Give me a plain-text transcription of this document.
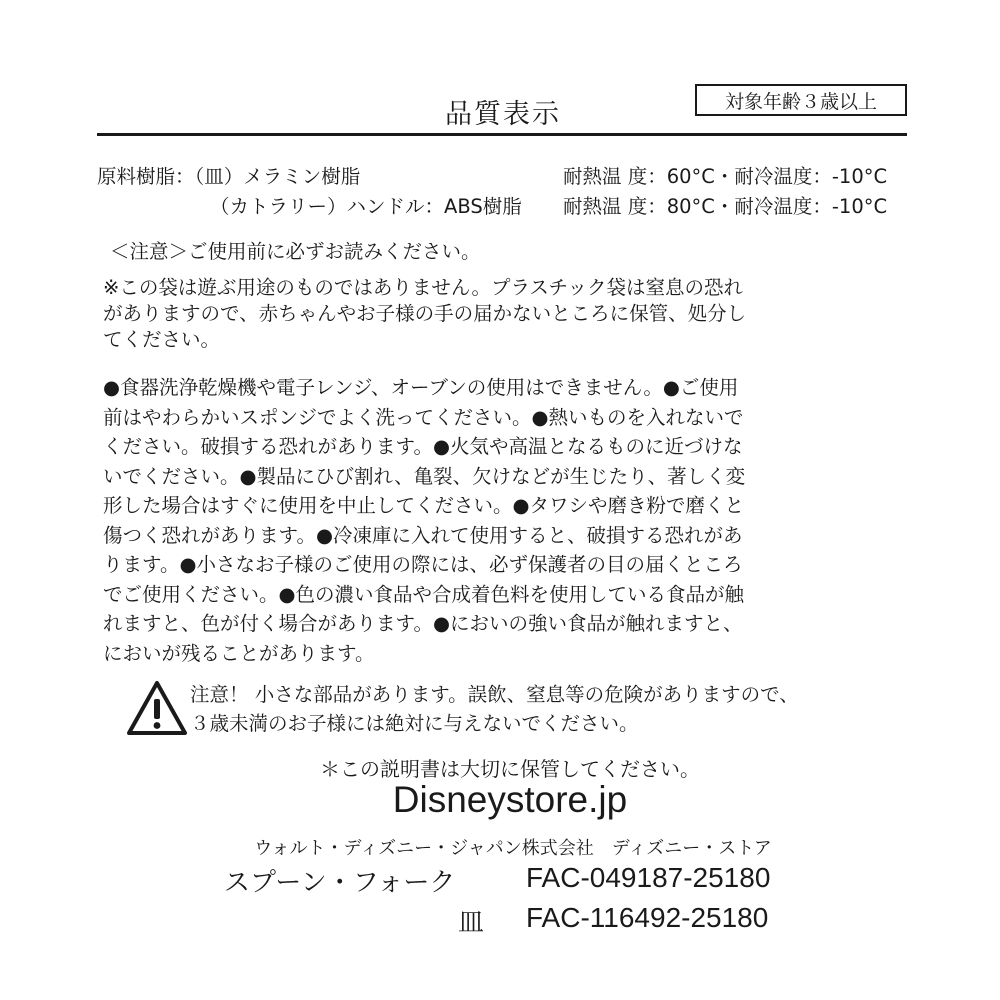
品質表示	対象年齢３歳以上
原料樹脂：（皿）メラミン樹脂	耐熱温 度：60°C・耐冷温度：-10°C
（カトラリー）ハンドル：ABS樹脂 耐熱温 度：80°C・耐冷温度：-10°C
＜注意＞ご使用前に必ずお読みください。
※この袋は遊ぶ用途のものではありません。プラスチック袋は窒息の恐れ
がありますので、赤ちゃんやお子様の手の届かないところに保管、処分し
てください。
●食器洗浄乾燥機や電子レンジ、オーブンの使用はできません。●ご使用
前はやわらかいスポンジでよく洗ってください。●熱いものを入れないで
ください。破損する恐れがあります。●火気や高温となるものに近づけな
いでください。●製品にひび割れ、亀裂、欠けなどが生じたり、著しく変
形した場合はすぐに使用を中止してください。●タワシや磨き粉で磨くと
傷つく恐れがあります。●冷凍庫に入れて使用すると、破損する恐れがあ
ります。●小さなお子様のご使用の際には、必ず保護者の目の届くところ
でご使用ください。●色の濃い食品や合成着色料を使用している食品が触
れますと、色が付く場合があります。●においの強い食品が触れますと、
においが残ることがあります。
注意！ 小さな部品があります。誤飲、窒息等の危険がありますので、
３歳未満のお子様には絶対に与えないでください。
＊この説明書は大切に保管してください。
Disneystore.jp
ウォルト・ディズニー・ジャパン株式会社　ディズニー・ストア
スプーン・フォーク	FAC-049187-25180
皿 FAC-116492-25180
